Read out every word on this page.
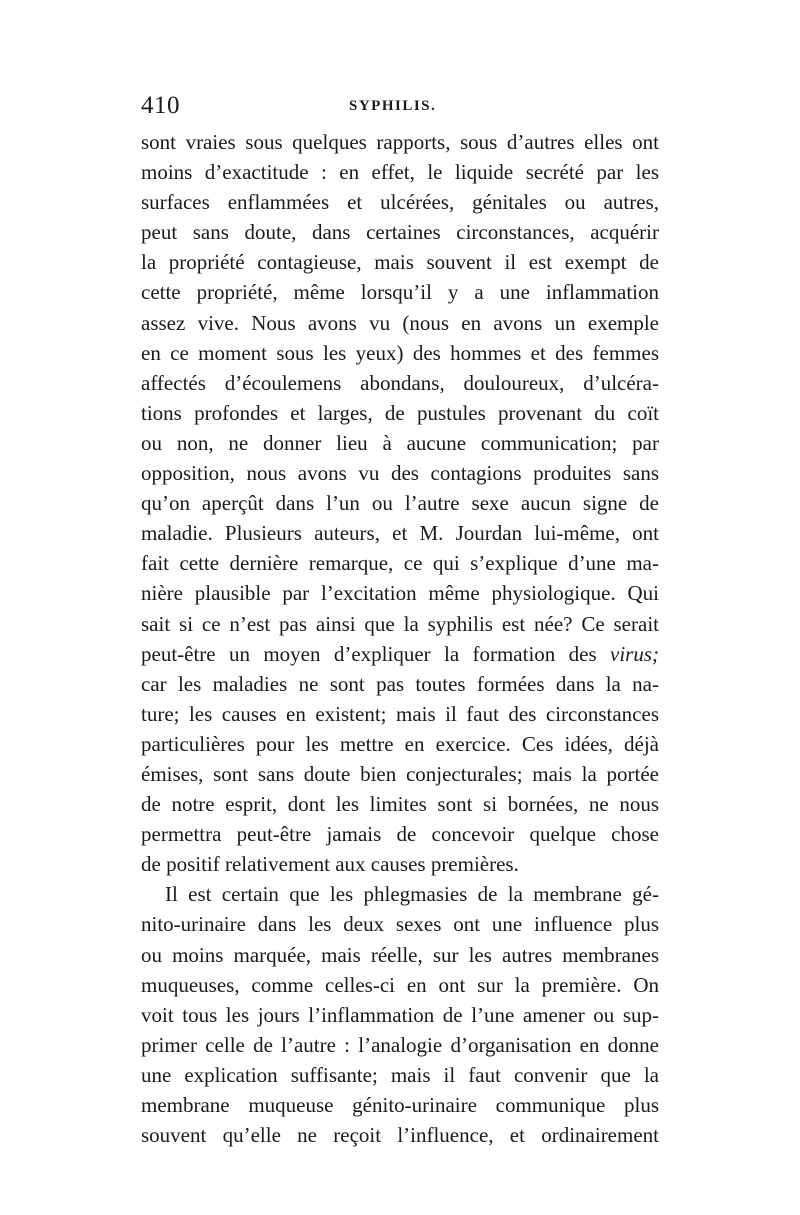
410	SYPHILIS.
sont vraies sous quelques rapports, sous d’autres elles ont
moins d’exactitude : en effet, le liquide secrété par les
surfaces enflammées et ulcérées, génitales ou autres,
peut sans doute, dans certaines circonstances, acquérir
la propriété contagieuse, mais souvent il est exempt de
cette propriété, même lorsqu’il y a une inflammation
assez vive. Nous avons vu (nous en avons un exemple
en ce moment sous les yeux) des hommes et des femmes
affectés d’écoulemens abondans, douloureux, d’ulcéra-
tions profondes et larges, de pustules provenant du coït
ou non, ne donner lieu à aucune communication; par
opposition, nous avons vu des contagions produites sans
qu’on aperçût dans l’un ou l’autre sexe aucun signe de
maladie. Plusieurs auteurs, et M. Jourdan lui-même, ont
fait cette dernière remarque, ce qui s’explique d’une ma-
nière plausible par l’excitation même physiologique. Qui
sait si ce n’est pas ainsi que la syphilis est née? Ce serait
peut-être un moyen d’expliquer la formation des virus;
car les maladies ne sont pas toutes formées dans la na-
ture; les causes en existent; mais il faut des circonstances
particulières pour les mettre en exercice. Ces idées, déjà
émises, sont sans doute bien conjecturales; mais la portée
de notre esprit, dont les limites sont si bornées, ne nous
permettra peut-être jamais de concevoir quelque chose
de positif relativement aux causes premières.
Il est certain que les phlegmasies de la membrane gé-
nito-urinaire dans les deux sexes ont une influence plus
ou moins marquée, mais réelle, sur les autres membranes
muqueuses, comme celles-ci en ont sur la première. On
voit tous les jours l’inflammation de l’une amener ou sup-
primer celle de l’autre : l’analogie d’organisation en donne
une explication suffisante; mais il faut convenir que la
membrane muqueuse génito-urinaire communique plus
souvent qu’elle ne reçoit l’influence, et ordinairement
